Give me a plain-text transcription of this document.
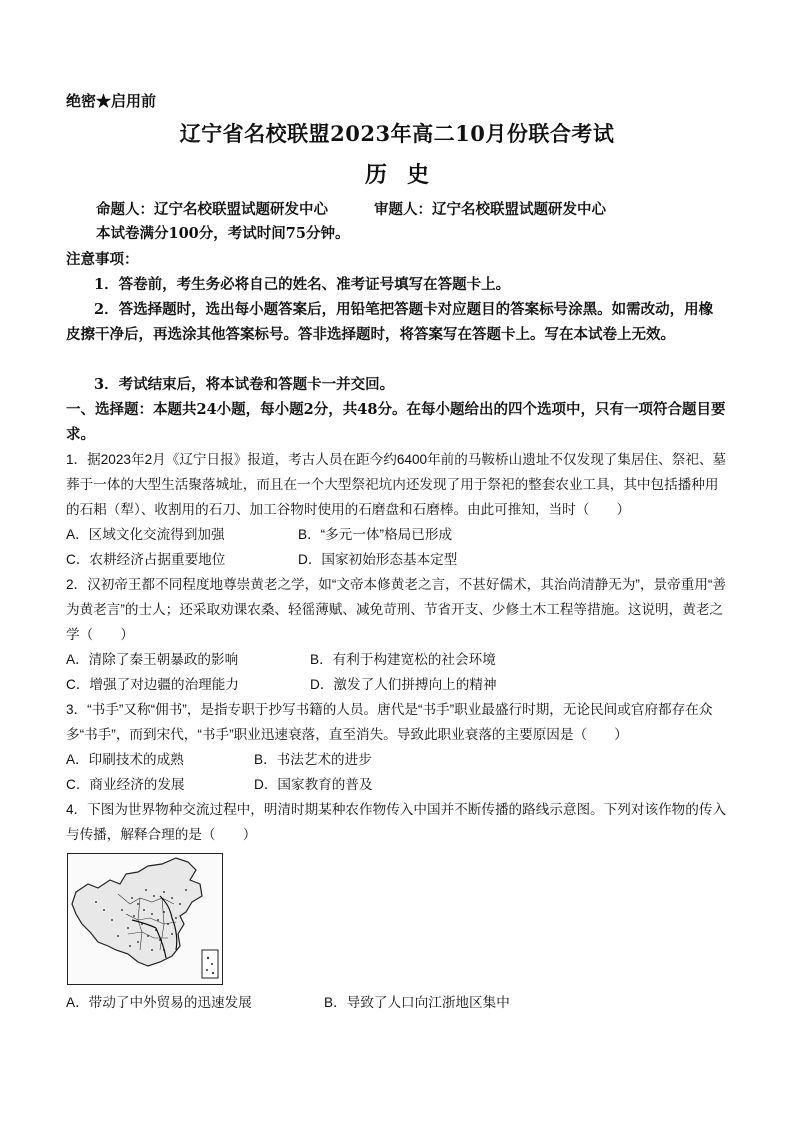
绝密★启用前
辽宁省名校联盟2023年高二10月份联合考试
历史
命题人：辽宁名校联盟试题研发中心	审题人：辽宁名校联盟试题研发中心
本试卷满分100分，考试时间75分钟。
注意事项：
1．答卷前，考生务必将自己的姓名、准考证号填写在答题卡上。
2．答选择题时，选出每小题答案后，用铅笔把答题卡对应题目的答案标号涂黑。如需改动，用橡皮擦干净后，再选涂其他答案标号。答非选择题时，将答案写在答题卡上。写在本试卷上无效。
3．考试结束后，将本试卷和答题卡一并交回。
一、选择题：本题共24小题，每小题2分，共48分。在每小题给出的四个选项中，只有一项符合题目要求。
1．据2023年2月《辽宁日报》报道，考古人员在距今约6400年前的马鞍桥山遗址不仅发现了集居住、祭祀、墓葬于一体的大型生活聚落城址，而且在一个大型祭祀坑内还发现了用于祭祀的整套农业工具，其中包括播种用的石耜（犁）、收割用的石刀、加工谷物时使用的石磨盘和石磨棒。由此可推知，当时（　　）
A．区域文化交流得到加强	B．“多元一体”格局已形成
C．农耕经济占据重要地位	D．国家初始形态基本定型
2．汉初帝王都不同程度地尊崇黄老之学，如“文帝本修黄老之言，不甚好儒术，其治尚清静无为”，景帝重用“善为黄老言”的士人；还采取劝课农桑、轻徭薄赋、减免苛刑、节省开支、少修土木工程等措施。这说明，黄老之学（　　）
A．清除了秦王朝暴政的影响	B．有利于构建宽松的社会环境
C．增强了对边疆的治理能力	D．激发了人们拼搏向上的精神
3．“书手”又称“佣书”，是指专职于抄写书籍的人员。唐代是“书手”职业最盛行时期，无论民间或官府都存在众多“书手”，而到宋代，“书手”职业迅速衰落，直至消失。导致此职业衰落的主要原因是（　　）
A．印刷技术的成熟	B．书法艺术的进步
C．商业经济的发展	D．国家教育的普及
4．下图为世界物种交流过程中，明清时期某种农作物传入中国并不断传播的路线示意图。下列对该作物的传入与传播，解释合理的是（　　）
A．带动了中外贸易的迅速发展	B．导致了人口向江浙地区集中
